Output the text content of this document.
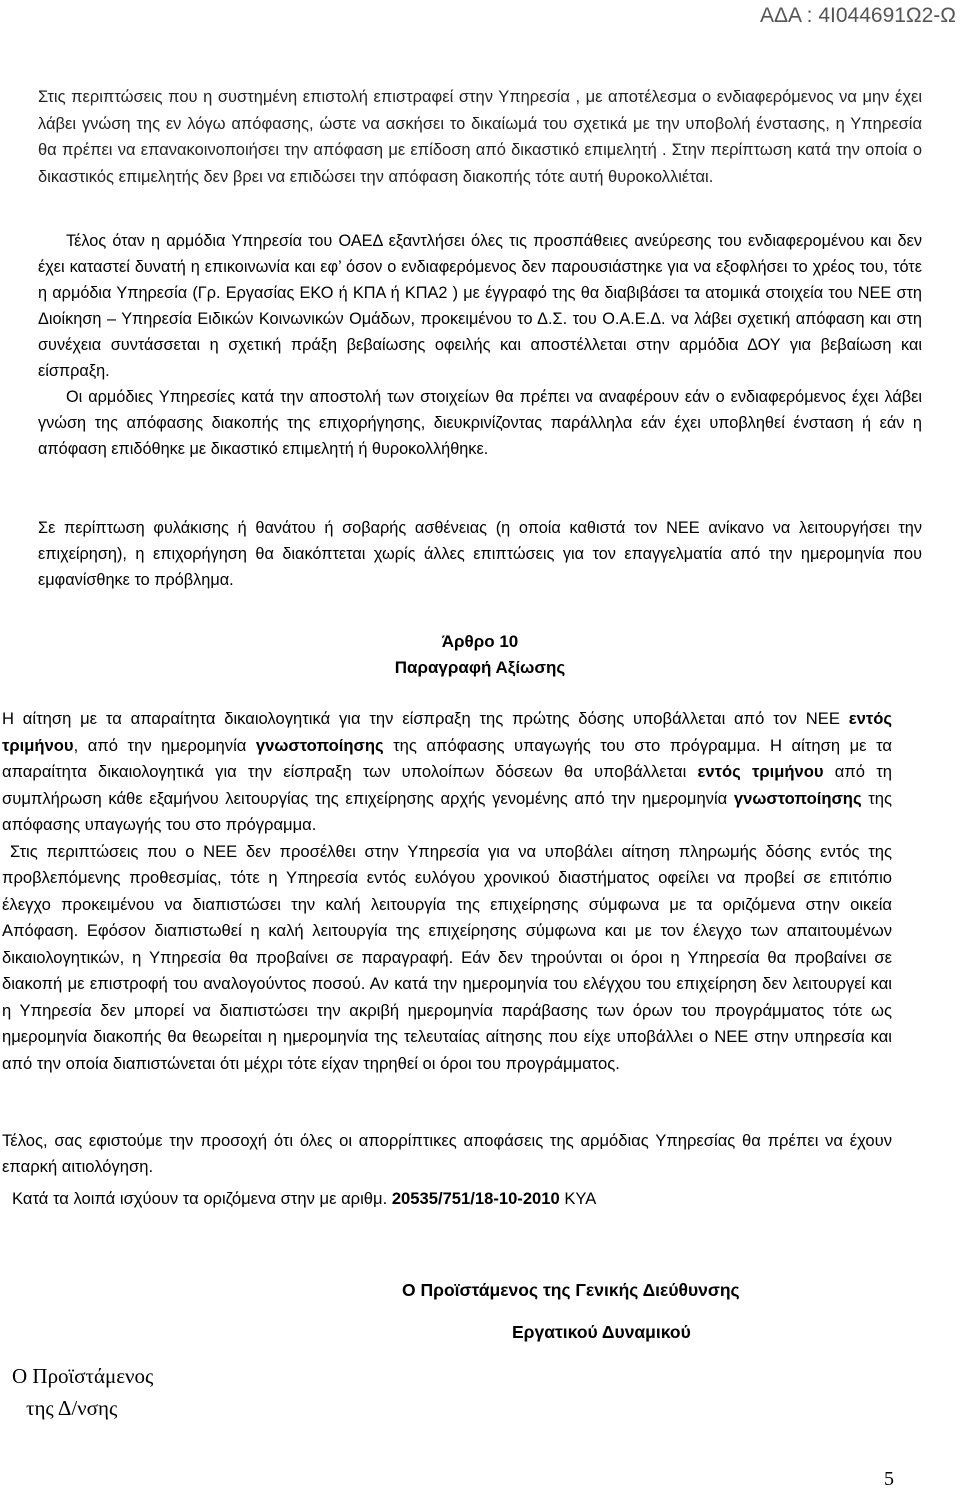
ΑΔΑ : 4Ι044691Ω2-Ω

Στις περιπτώσεις που η συστημένη επιστολή επιστραφεί στην Υπηρεσία , με αποτέλεσμα ο ενδιαφερόμενος να μην έχει λάβει γνώση της εν λόγω απόφασης, ώστε να ασκήσει το δικαίωμά του σχετικά με την υποβολή ένστασης, η Υπηρεσία θα πρέπει να επανακοινοποιήσει την απόφαση με επίδοση από δικαστικό επιμελητή . Στην περίπτωση κατά την οποία ο δικαστικός επιμελητής δεν βρει να επιδώσει την απόφαση διακοπής τότε αυτή θυροκολλιέται.

Τέλος όταν η αρμόδια Υπηρεσία του ΟΑΕΔ εξαντλήσει όλες τις προσπάθειες ανεύρεσης του ενδιαφερομένου και δεν έχει καταστεί δυνατή η επικοινωνία και εφ’ όσον ο ενδιαφερόμενος δεν παρουσιάστηκε για να εξοφλήσει το χρέος του, τότε η αρμόδια Υπηρεσία (Γρ. Εργασίας ΕΚΟ ή ΚΠΑ ή ΚΠΑ2 ) με έγγραφό της θα διαβιβάσει τα ατομικά στοιχεία του ΝΕΕ στη Διοίκηση – Υπηρεσία Ειδικών Κοινωνικών Ομάδων, προκειμένου το Δ.Σ. του Ο.Α.Ε.Δ. να λάβει σχετική απόφαση και στη συνέχεια συντάσσεται η σχετική πράξη βεβαίωσης οφειλής και αποστέλλεται στην αρμόδια ΔΟΥ για βεβαίωση και είσπραξη.
Οι αρμόδιες Υπηρεσίες κατά την αποστολή των στοιχείων θα πρέπει να αναφέρουν εάν ο ενδιαφερόμενος έχει λάβει γνώση της απόφασης διακοπής της επιχορήγησης, διευκρινίζοντας παράλληλα εάν έχει υποβληθεί ένσταση ή εάν η απόφαση επιδόθηκε με δικαστικό επιμελητή ή θυροκολλήθηκε.

Σε περίπτωση φυλάκισης ή θανάτου ή σοβαρής ασθένειας (η οποία καθιστά τον ΝΕΕ ανίκανο να λειτουργήσει την επιχείρηση), η επιχορήγηση θα διακόπτεται χωρίς άλλες επιπτώσεις για τον επαγγελματία από την ημερομηνία που εμφανίσθηκε το πρόβλημα.

Άρθρο 10

Παραγραφή Αξίωσης

Η αίτηση με τα απαραίτητα δικαιολογητικά για την είσπραξη της πρώτης δόσης υποβάλλεται από τον ΝΕΕ εντός τριμήνου, από την ημερομηνία γνωστοποίησης της απόφασης υπαγωγής του στο πρόγραμμα. Η αίτηση με τα απαραίτητα δικαιολογητικά για την είσπραξη των υπολοίπων δόσεων θα υποβάλλεται εντός τριμήνου από τη συμπλήρωση κάθε εξαμήνου λειτουργίας της επιχείρησης αρχής γενομένης από την ημερομηνία γνωστοποίησης της απόφασης υπαγωγής του στο πρόγραμμα.
Στις περιπτώσεις που ο ΝΕΕ δεν προσέλθει στην Υπηρεσία για να υποβάλει αίτηση πληρωμής δόσης εντός της προβλεπόμενης προθεσμίας, τότε η Υπηρεσία εντός ευλόγου χρονικού διαστήματος οφείλει να προβεί σε επιτόπιο έλεγχο προκειμένου να διαπιστώσει την καλή λειτουργία της επιχείρησης σύμφωνα με τα οριζόμενα στην οικεία Απόφαση. Εφόσον διαπιστωθεί η καλή λειτουργία της επιχείρησης σύμφωνα και με τον έλεγχο των απαιτουμένων δικαιολογητικών, η Υπηρεσία θα προβαίνει σε παραγραφή. Εάν δεν τηρούνται οι όροι η Υπηρεσία θα προβαίνει σε διακοπή με επιστροφή του αναλογούντος ποσού. Αν κατά την ημερομηνία του ελέγχου του επιχείρηση δεν λειτουργεί και η Υπηρεσία δεν μπορεί να διαπιστώσει την ακριβή ημερομηνία παράβασης των όρων του προγράμματος τότε ως ημερομηνία διακοπής θα θεωρείται η ημερομηνία της τελευταίας αίτησης που είχε υποβάλλει ο ΝΕΕ στην υπηρεσία και από την οποία διαπιστώνεται ότι μέχρι τότε είχαν τηρηθεί οι όροι του προγράμματος.

Τέλος, σας εφιστούμε την προσοχή ότι όλες οι απορρίπτικες αποφάσεις της αρμόδιας Υπηρεσίας θα πρέπει να έχουν επαρκή αιτιολόγηση.

Κατά τα λοιπά ισχύουν τα οριζόμενα στην με αριθμ. 20535/751/18-10-2010 ΚΥΑ

Ο Προϊστάμενος της Γενικής Διεύθυνσης

Εργατικού Δυναμικού

Ο Προϊστάμενος
της Δ/νσης
5
